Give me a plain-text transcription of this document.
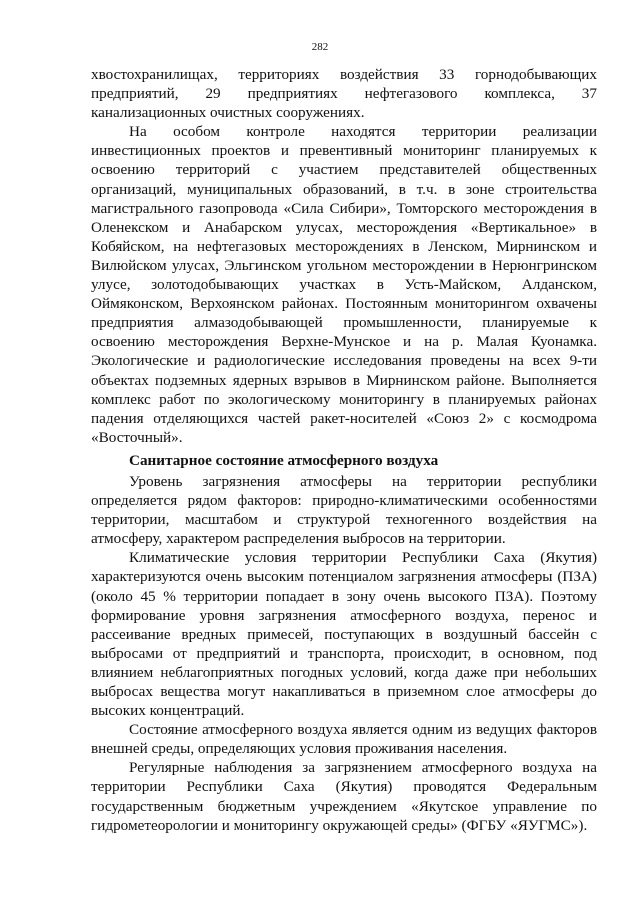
282

хвостохранилищах, территориях воздействия 33 горнодобывающих предприятий, 29 предприятиях нефтегазового комплекса, 37 канализационных очистных сооружениях.

На особом контроле находятся территории реализации инвестиционных проектов и превентивный мониторинг планируемых к освоению территорий с участием представителей общественных организаций, муниципальных образований, в т.ч. в зоне строительства магистрального газопровода «Сила Сибири», Томторского месторождения в Оленекском и Анабарском улусах, месторождения «Вертикальное» в Кобяйском, на нефтегазовых месторождениях в Ленском, Мирнинском и Вилюйском улусах, Эльгинском угольном месторождении в Нерюнгринском улусе, золотодобывающих участках в Усть-Майском, Алданском, Оймяконском, Верхоянском районах. Постоянным мониторингом охвачены предприятия алмазодобывающей промышленности, планируемые к освоению месторождения Верхне-Мунское и на р. Малая Куонамка. Экологические и радиологические исследования проведены на всех 9-ти объектах подземных ядерных взрывов в Мирнинском районе. Выполняется комплекс работ по экологическому мониторингу в планируемых районах падения отделяющихся частей ракет-носителей «Союз 2» с космодрома «Восточный».

Санитарное состояние атмосферного воздуха

Уровень загрязнения атмосферы на территории республики определяется рядом факторов: природно-климатическими особенностями территории, масштабом и структурой техногенного воздействия на атмосферу, характером распределения выбросов на территории.

Климатические условия территории Республики Саха (Якутия) характеризуются очень высоким потенциалом загрязнения атмосферы (ПЗА) (около 45 % территории попадает в зону очень высокого ПЗА). Поэтому формирование уровня загрязнения атмосферного воздуха, перенос и рассеивание вредных примесей, поступающих в воздушный бассейн с выбросами от предприятий и транспорта, происходит, в основном, под влиянием неблагоприятных погодных условий, когда даже при небольших выбросах вещества могут накапливаться в приземном слое атмосферы до высоких концентраций.

Состояние атмосферного воздуха является одним из ведущих факторов внешней среды, определяющих условия проживания населения.

Регулярные наблюдения за загрязнением атмосферного воздуха на территории Республики Саха (Якутия) проводятся Федеральным государственным бюджетным учреждением «Якутское управление по гидрометеорологии и мониторингу окружающей среды» (ФГБУ «ЯУГМС»).
